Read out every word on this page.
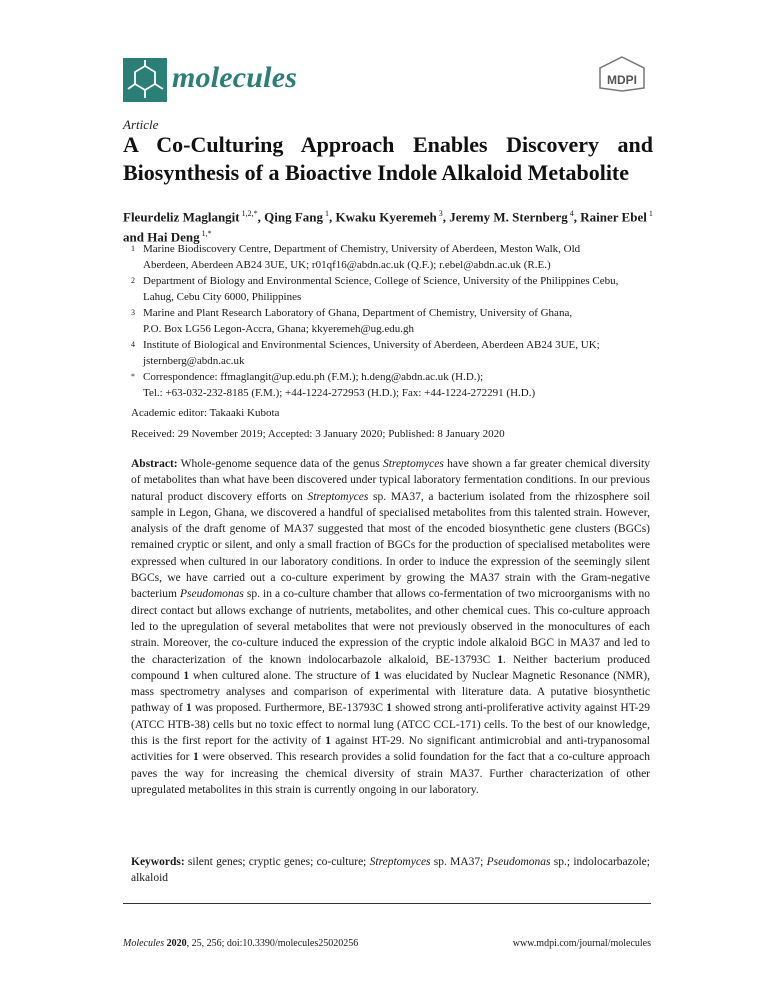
molecules	MDPI
Article
A Co-Culturing Approach Enables Discovery and
Biosynthesis of a Bioactive Indole Alkaloid Metabolite
Fleurdeliz Maglangit $^{1,2,*}$, Qing Fang $^1$, Kwaku Kyeremeh $^3$, Jeremy M. Sternberg $^4$, Rainer Ebel $^1$ and Hai Deng $^{1,*}$
1 Marine Biodiscovery Centre, Department of Chemistry, University of Aberdeen, Meston Walk, Old
Aberdeen, Aberdeen AB24 3UE, UK; r01qf16@abdn.ac.uk (Q.F.); r.ebel@abdn.ac.uk (R.E.)
2 Department of Biology and Environmental Science, College of Science, University of the Philippines Cebu,
Lahug, Cebu City 6000, Philippines
3 Marine and Plant Research Laboratory of Ghana, Department of Chemistry, University of Ghana,
P.O. Box LG56 Legon-Accra, Ghana; kkyeremeh@ug.edu.gh
4 Institute of Biological and Environmental Sciences, University of Aberdeen, Aberdeen AB24 3UE, UK;
jsternberg@abdn.ac.uk
* Correspondence: ffmaglangit@up.edu.ph (F.M.); h.deng@abdn.ac.uk (H.D.);
Tel.: +63-032-232-8185 (F.M.); +44-1224-272953 (H.D.); Fax: +44-1224-272291 (H.D.)
Academic editor: Takaaki Kubota
Received: 29 November 2019; Accepted: 3 January 2020; Published: 8 January 2020

Abstract: Whole-genome sequence data of the genus Streptomyces have shown a far greater chemical diversity of metabolites than what have been discovered under typical laboratory fermentation conditions. In our previous natural product discovery efforts on Streptomyces sp. MA37, a bacterium isolated from the rhizosphere soil sample in Legon, Ghana, we discovered a handful of specialised metabolites from this talented strain. However, analysis of the draft genome of MA37 suggested that most of the encoded biosynthetic gene clusters (BGCs) remained cryptic or silent, and only a small fraction of BGCs for the production of specialised metabolites were expressed when cultured in our laboratory conditions. In order to induce the expression of the seemingly silent BGCs, we have carried out a co-culture experiment by growing the MA37 strain with the Gram-negative bacterium Pseudomonas sp. in a co-culture chamber that allows co-fermentation of two microorganisms with no direct contact but allows exchange of nutrients, metabolites, and other chemical cues. This co-culture approach led to the upregulation of several metabolites that were not previously observed in the monocultures of each strain. Moreover, the co-culture induced the expression of the cryptic indole alkaloid BGC in MA37 and led to the characterization of the known indolocarbazole alkaloid, BE-13793C 1. Neither bacterium produced compound 1 when cultured alone. The structure of 1 was elucidated by Nuclear Magnetic Resonance (NMR), mass spectrometry analyses and comparison of experimental with literature data. A putative biosynthetic pathway of 1 was proposed. Furthermore, BE-13793C 1 showed strong anti-proliferative activity against HT-29 (ATCC HTB-38) cells but no toxic effect to normal lung (ATCC CCL-171) cells. To the best of our knowledge, this is the first report for the activity of 1 against HT-29. No significant antimicrobial and anti-trypanosomal activities for 1 were observed. This research provides a solid foundation for the fact that a co-culture approach paves the way for increasing the chemical diversity of strain MA37. Further characterization of other upregulated metabolites in this strain is currently ongoing in our laboratory.

Keywords: silent genes; cryptic genes; co-culture; Streptomyces sp. MA37; Pseudomonas sp.; indolocarbazole; alkaloid
Molecules 2020, 25, 256; doi:10.3390/molecules25020256	www.mdpi.com/journal/molecules
